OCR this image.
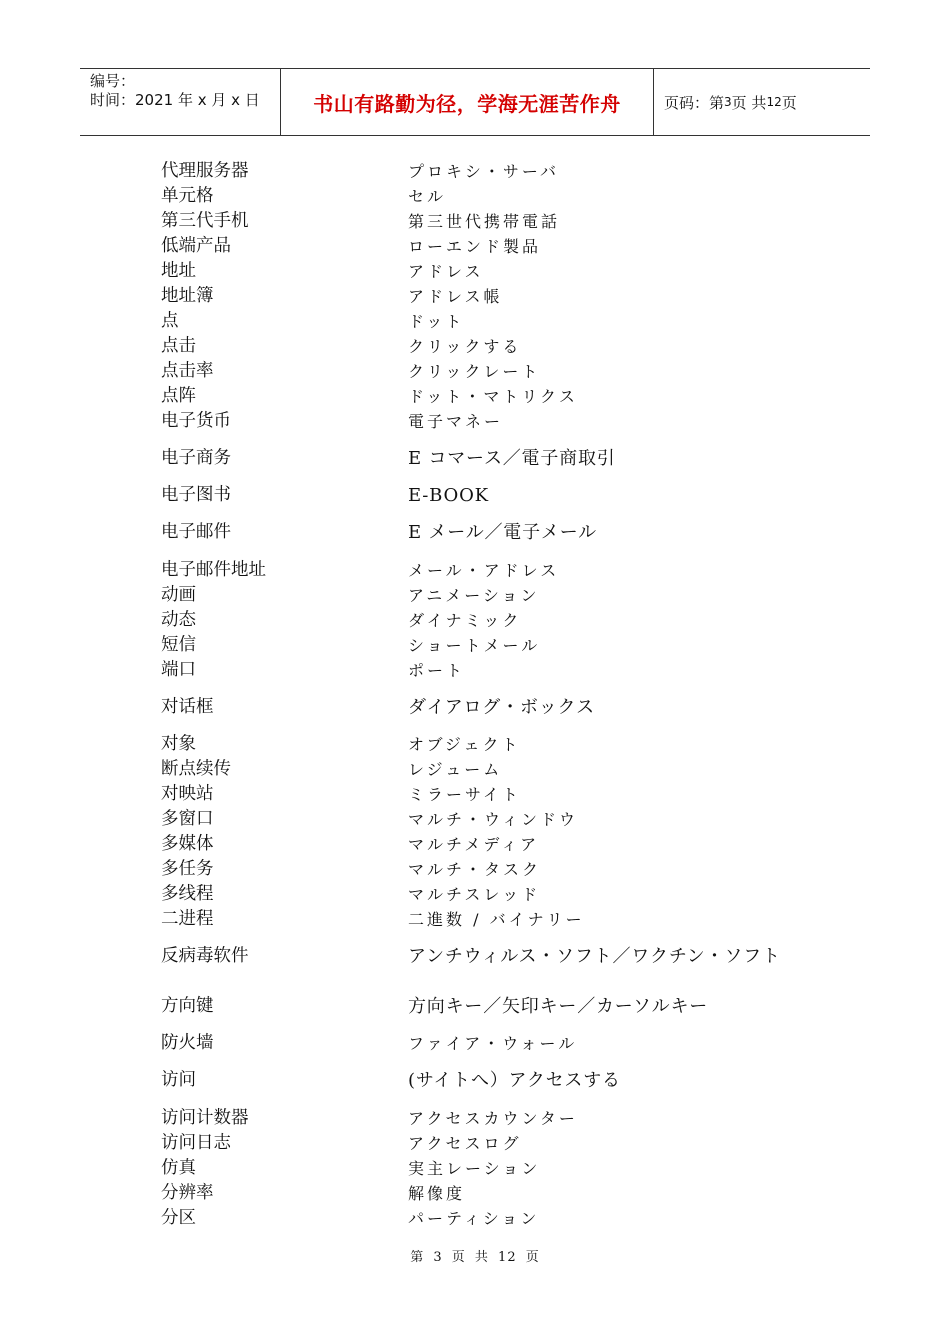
编号：
时间：2021 年 x 月 x 日	书山有路勤为径，学海无涯苦作舟	页码：第 3 页 共 12 页
代理服务器	プロキシ・サーバ
单元格	セル
第三代手机	第三世代携帯電話
低端产品	ローエンド製品
地址	アドレス
地址簿	アドレス帳
点	ドット
点击	クリックする
点击率	クリックレート
点阵	ドット・マトリクス
电子货币	電子マネー
电子商务	E コマース／電子商取引
电子图书	E-BOOK
电子邮件	E メール／電子メール
电子邮件地址	メール・アドレス
动画	アニメーション
动态	ダイナミック
短信	ショートメール
端口	ポート
对话框	ダイアログ・ボックス
对象	オブジェクト
断点续传	レジューム
对映站	ミラーサイト
多窗口	マルチ・ウィンドウ
多媒体	マルチメディア
多任务	マルチ・タスク
多线程	マルチスレッド
二进程	二進数 / バイナリー
反病毒软件	アンチウィルス・ソフト／ワクチン・ソフト
方向键	方向キー／矢印キー／カーソルキー
防火墙	ファイア・ウォール
访问	(サイトへ）アクセスする
访问计数器	アクセスカウンター
访问日志	アクセスログ
仿真	実主レーション
分辨率	解像度
分区	パーティション
第 3 页 共 12 页
